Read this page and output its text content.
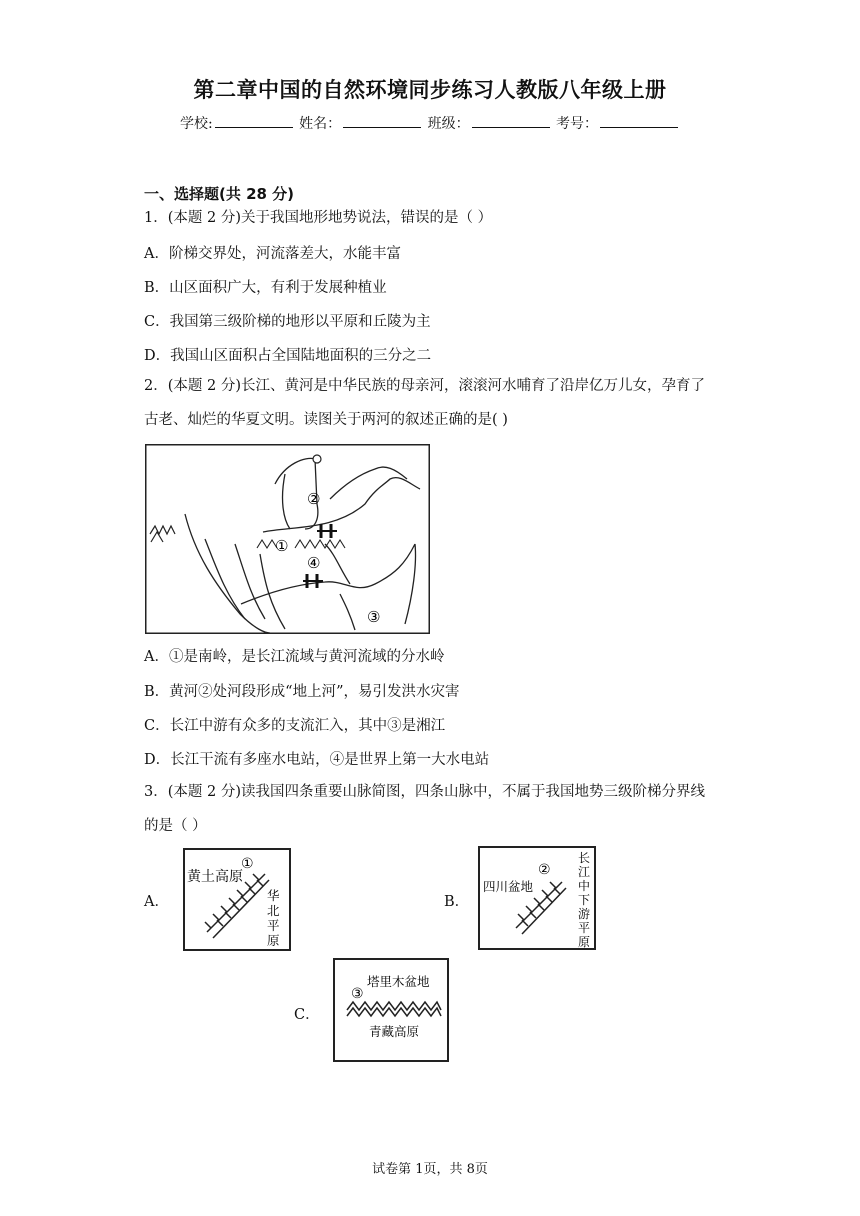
第二章中国的自然环境同步练习人教版八年级上册
学校:	姓名：	班级：	考号：
一、选择题(共 28 分)
1．(本题 2 分)关于我国地形地势说法，错误的是（ ）
A．阶梯交界处，河流落差大，水能丰富
B．山区面积广大，有利于发展种植业
C．我国第三级阶梯的地形以平原和丘陵为主
D．我国山区面积占全国陆地面积的三分之二
2．(本题 2 分)长江、黄河是中华民族的母亲河，滚滚河水哺育了沿岸亿万儿女，孕育了
古老、灿烂的华夏文明。读图关于两河的叙述正确的是( )
②
①
④
③
A．①是南岭，是长江流域与黄河流域的分水岭
B．黄河②处河段形成“地上河”，易引发洪水灾害
C．长江中游有众多的支流汇入，其中③是湘江
D．长江干流有多座水电站，④是世界上第一大水电站
3．(本题 2 分)读我国四条重要山脉简图，四条山脉中，不属于我国地势三级阶梯分界线
的是（ ）
A．
黄土高原
①
华
北
平
原
B．
四川盆地
②
长
江
中
下
游
平
原
C．
塔里木盆地
③
青藏高原
试卷第 1页，共 8页
